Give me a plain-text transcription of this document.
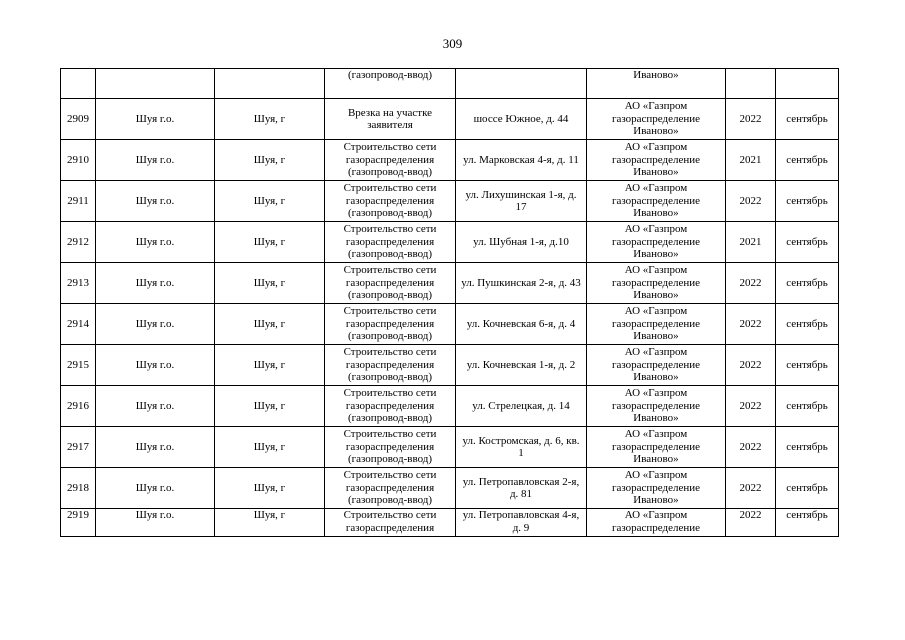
309
			(газопровод-ввод)		Иваново»		
2909	Шуя г.о.	Шуя, г	Врезка на участке заявителя	шоссе Южное, д. 44	АО «Газпром газораспределение Иваново»	2022	сентябрь
2910	Шуя г.о.	Шуя, г	Строительство сети газораспределения (газопровод-ввод)	ул. Марковская 4-я, д. 11	АО «Газпром газораспределение Иваново»	2021	сентябрь
2911	Шуя г.о.	Шуя, г	Строительство сети газораспределения (газопровод-ввод)	ул. Лихушинская 1-я, д. 17	АО «Газпром газораспределение Иваново»	2022	сентябрь
2912	Шуя г.о.	Шуя, г	Строительство сети газораспределения (газопровод-ввод)	ул. Шубная 1-я, д.10	АО «Газпром газораспределение Иваново»	2021	сентябрь
2913	Шуя г.о.	Шуя, г	Строительство сети газораспределения (газопровод-ввод)	ул. Пушкинская 2-я, д. 43	АО «Газпром газораспределение Иваново»	2022	сентябрь
2914	Шуя г.о.	Шуя, г	Строительство сети газораспределения (газопровод-ввод)	ул. Кочневская 6-я, д. 4	АО «Газпром газораспределение Иваново»	2022	сентябрь
2915	Шуя г.о.	Шуя, г	Строительство сети газораспределения (газопровод-ввод)	ул. Кочневская 1-я, д. 2	АО «Газпром газораспределение Иваново»	2022	сентябрь
2916	Шуя г.о.	Шуя, г	Строительство сети газораспределения (газопровод-ввод)	ул. Стрелецкая, д. 14	АО «Газпром газораспределение Иваново»	2022	сентябрь
2917	Шуя г.о.	Шуя, г	Строительство сети газораспределения (газопровод-ввод)	ул. Костромская, д. 6, кв. 1	АО «Газпром газораспределение Иваново»	2022	сентябрь
2918	Шуя г.о.	Шуя, г	Строительство сети газораспределения (газопровод-ввод)	ул. Петропавловская 2-я, д. 81	АО «Газпром газораспределение Иваново»	2022	сентябрь
2919	Шуя г.о.	Шуя, г	Строительство сети газораспределения	ул. Петропавловская 4-я, д. 9	АО «Газпром газораспределение	2022	сентябрь
